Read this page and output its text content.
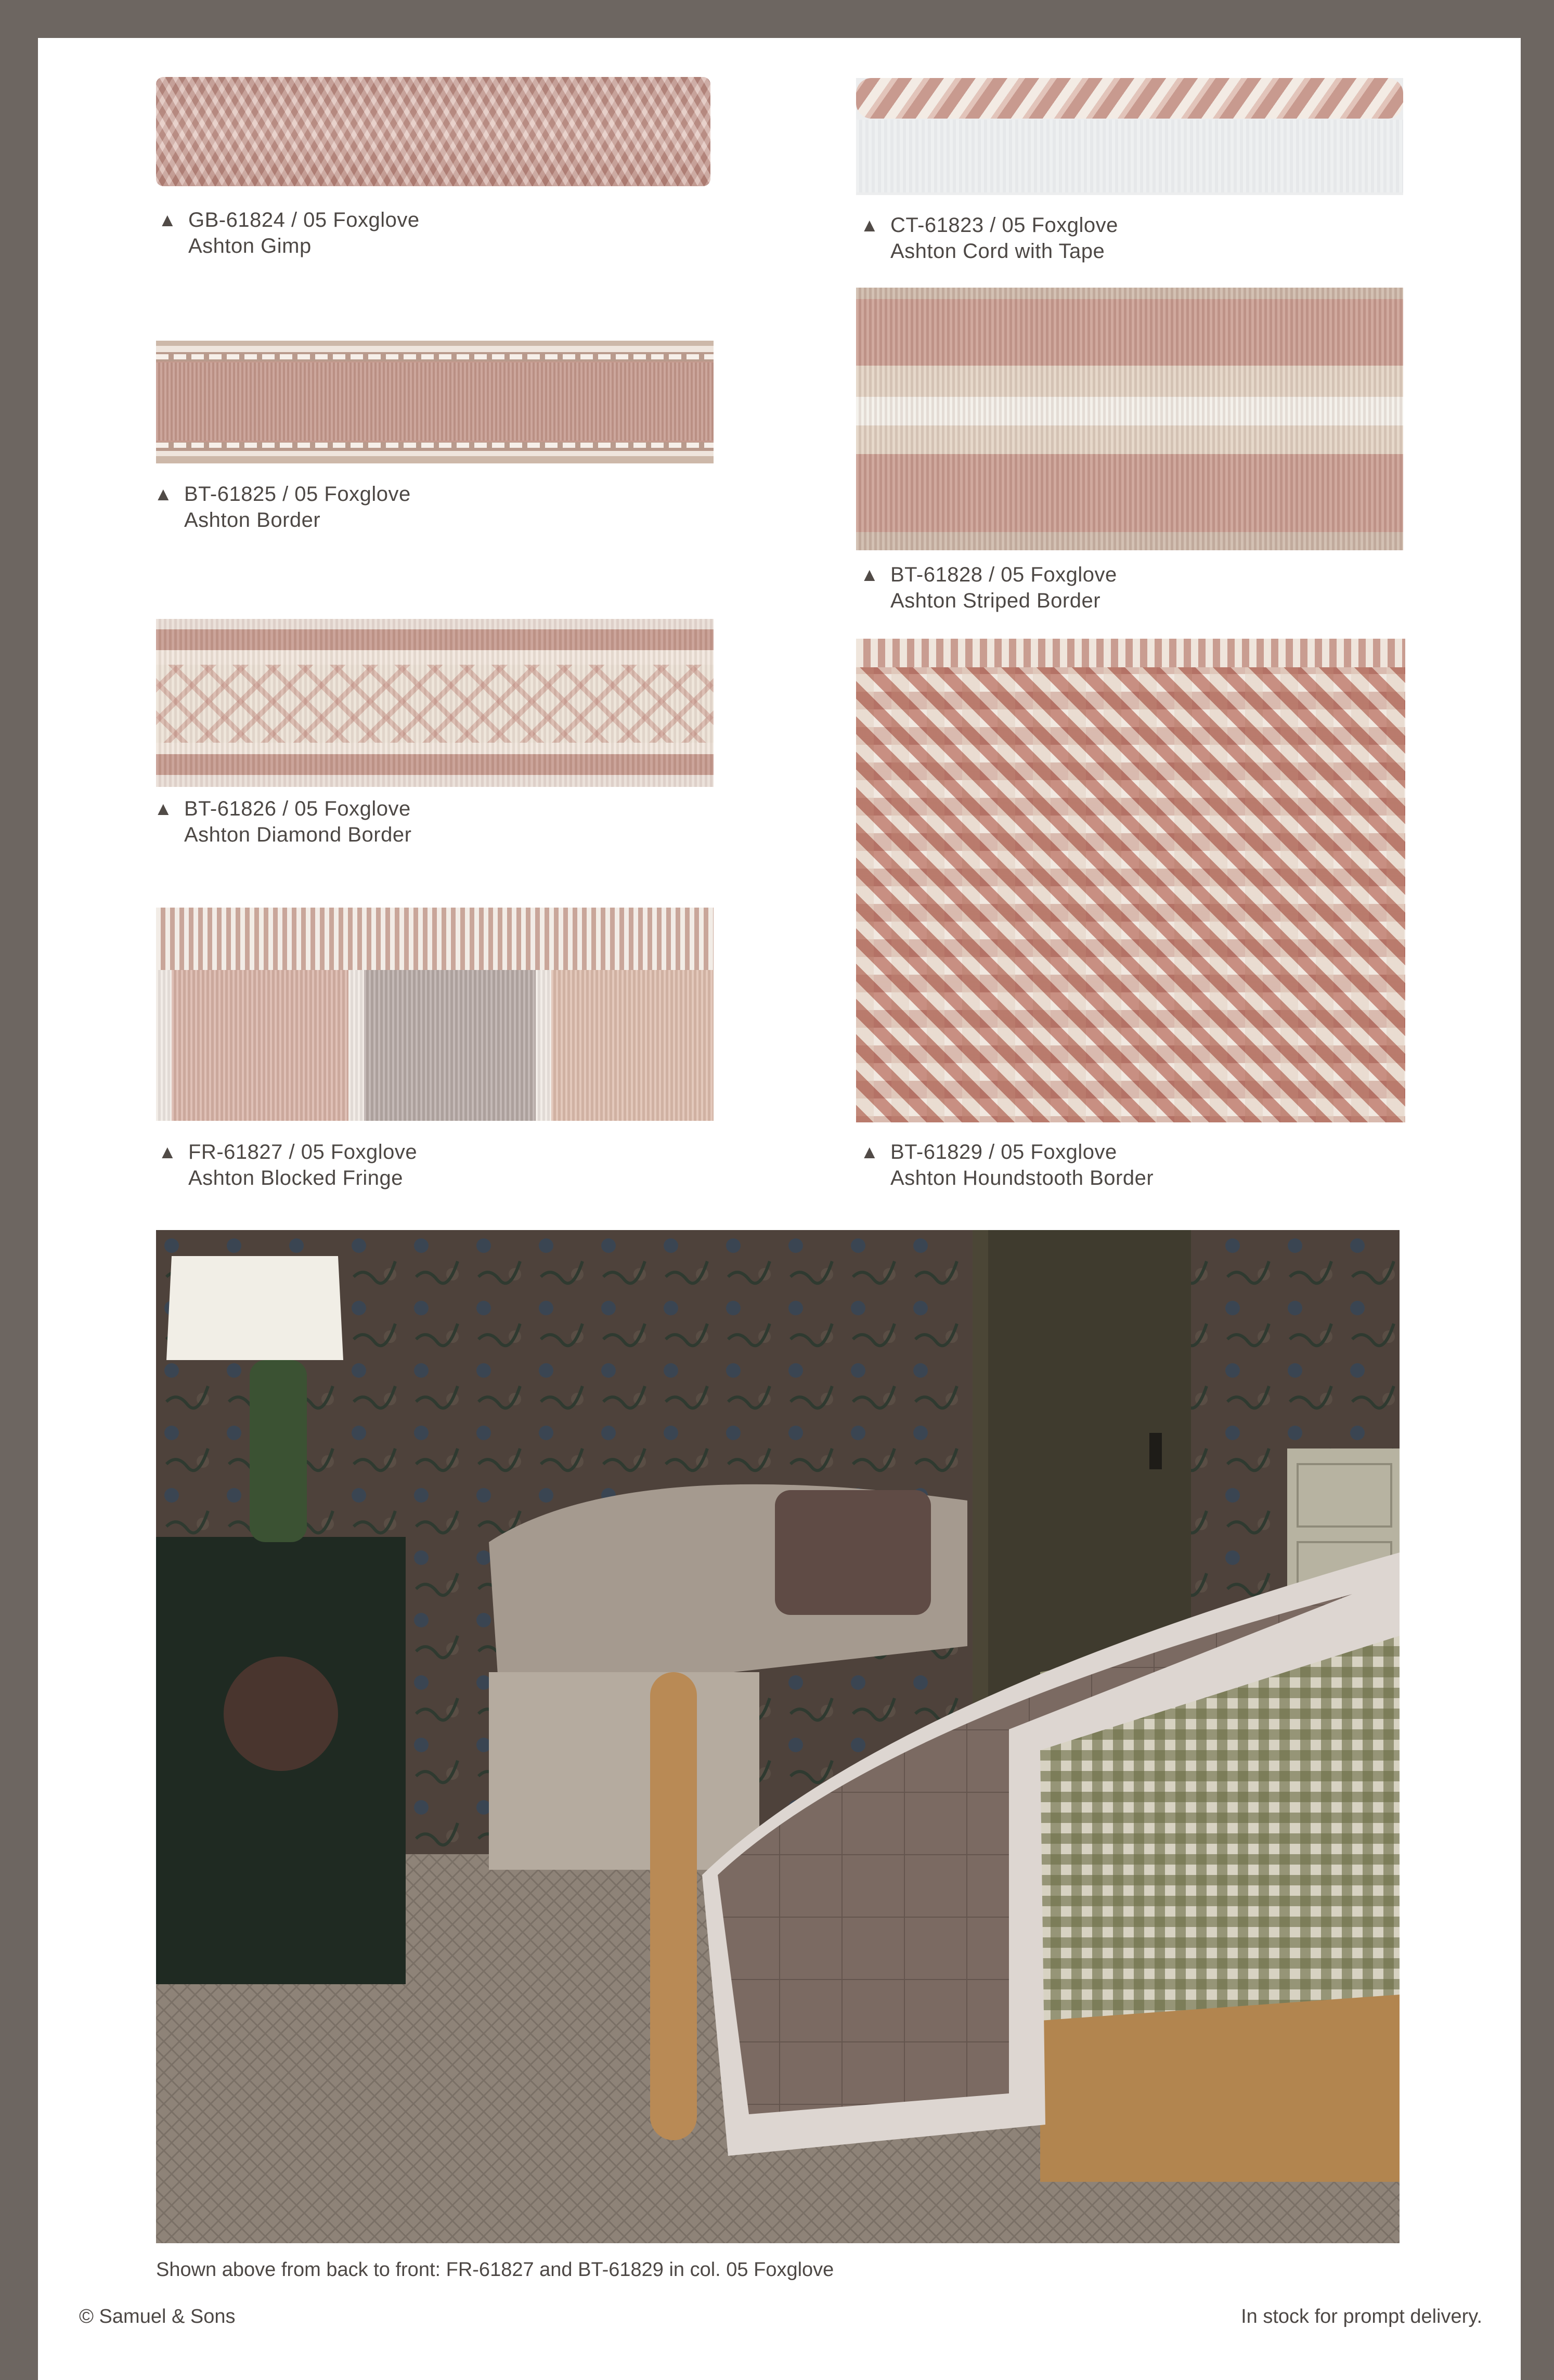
▲ GB-61824 / 05 Foxglove
Ashton Gimp
▲ CT-61823 / 05 Foxglove
Ashton Cord with Tape
▲ BT-61825 / 05 Foxglove
Ashton Border
▲ BT-61828 / 05 Foxglove
Ashton Striped Border
▲ BT-61826 / 05 Foxglove
Ashton Diamond Border
▲ FR-61827 / 05 Foxglove
Ashton Blocked Fringe
▲ BT-61829 / 05 Foxglove
Ashton Houndstooth Border
Shown above from back to front: FR-61827 and BT-61829 in col. 05 Foxglove
© Samuel & Sons	In stock for prompt delivery.
